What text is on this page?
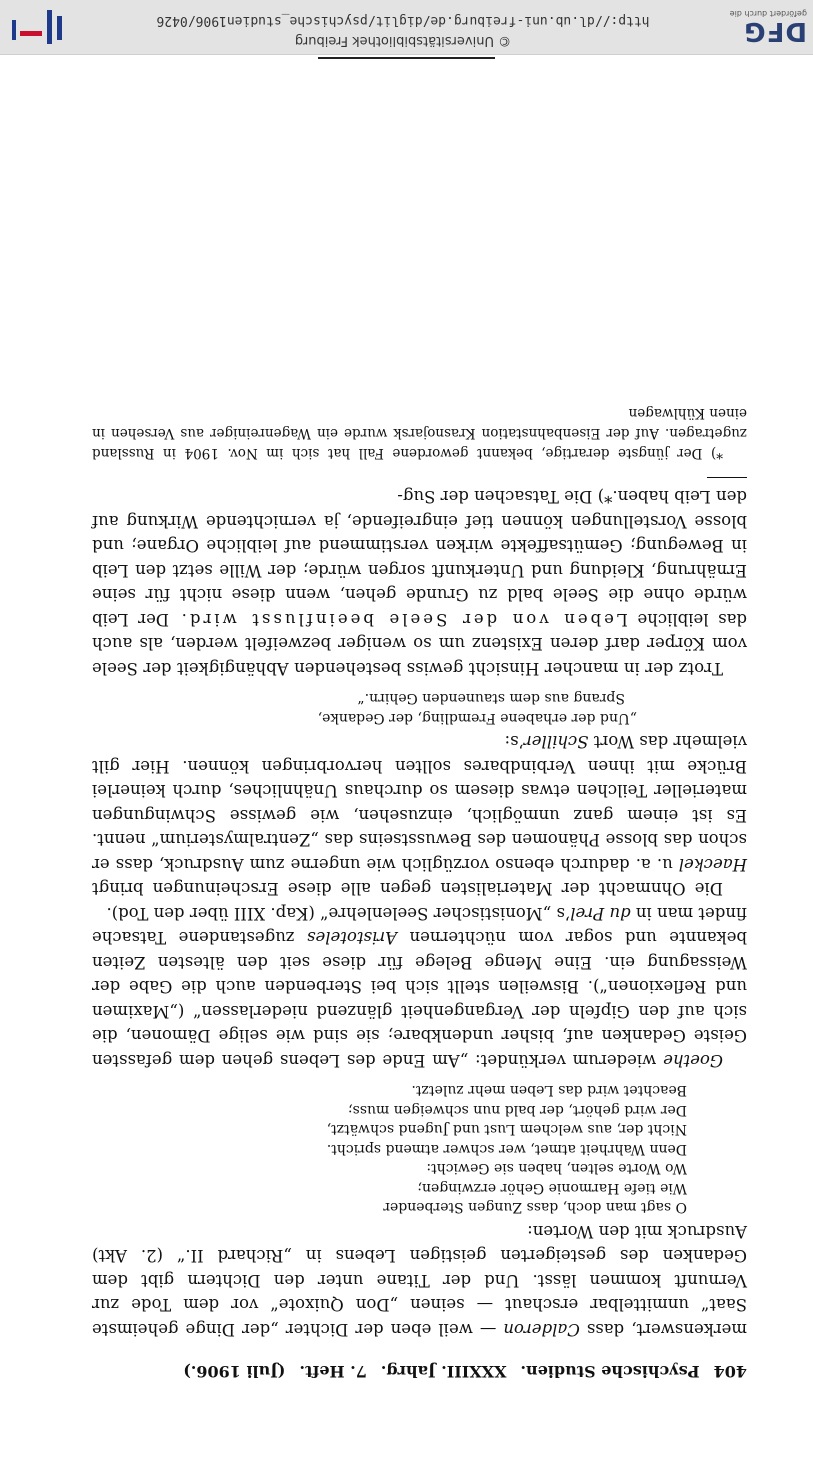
404
Psychische Studien.
XXXIII. Jahrg.
7. Heft.
(Juli 1906.)

merkenswert, dass Calderon — weil eben der Dichter „der Dinge geheimste Saat“ unmittelbar erschaut — seinen „Don Quixote“ vor dem Tode zur Vernunft kommen lässt. Und der Titane unter den Dichtern gibt dem Gedanken des gesteigerten geistigen Lebens in „Richard II.“ (2. Akt) Ausdruck mit den Worten:

O sagt man doch, dass Zungen Sterbender
Wie tiefe Harmonie Gehör erzwingen;
Wo Worte selten, haben sie Gewicht:
Denn Wahrheit atmet, wer schwer atmend spricht.
Nicht der, aus welchem Lust und Jugend schwätzt,
Der wird gehört, der bald nun schweigen muss;
Beachtet wird das Leben mehr zuletzt.

Goethe wiederum verkündet: „Am Ende des Lebens gehen dem gefassten Geiste Gedanken auf, bisher undenkbare; sie sind wie selige Dämonen, die sich auf den Gipfeln der Vergangenheit glänzend niederlassen“ („Maximen und Reflexionen“). Bisweilen stellt sich bei Sterbenden auch die Gabe der Weissagung ein. Eine Menge Belege für diese seit den ältesten Zeiten bekannte und sogar vom nüchternen Aristoteles zugestandene Tatsache findet man in du Prel’s „Monistischer Seelenlehre“ (Kap. XIII über den Tod).

Die Ohnmacht der Materialisten gegen alle diese Erscheinungen bringt Haeckel u. a. dadurch ebenso vorzüglich wie ungerne zum Ausdruck, dass er schon das blosse Phänomen des Bewusstseins das „Zentralmysterium“ nennt. Es ist einem ganz unmöglich, einzusehen, wie gewisse Schwingungen materieller Teilchen etwas diesem so durchaus Unähnliches, durch keinerlei Brücke mit ihnen Verbindbares sollten hervorbringen können. Hier gilt vielmehr das Wort Schiller’s:

„Und der erhabene Fremdling, der Gedanke,
Sprang aus dem staunenden Gehirn.“

Trotz der in mancher Hinsicht gewiss bestehenden Abhängigkeit der Seele vom Körper darf deren Existenz um so weniger bezweifelt werden, als auch das leibliche Leben von der Seele beeinflusst wird. Der Leib würde ohne die Seele bald zu Grunde gehen, wenn diese nicht für seine Ernährung, Kleidung und Unterkunft sorgen würde; der Wille setzt den Leib in Bewegung; Gemütsaffekte wirken verstimmend auf leibliche Organe; und blosse Vorstellungen können tief eingreifende, ja vernichtende Wirkung auf den Leib haben.*) Die Tatsachen der Sug-

*) Der jüngste derartige, bekannt gewordene Fall hat sich im Nov. 1904 in Russland zugetragen. Auf der Eisenbahnstation Krasnojarsk wurde ein Wagenreiniger aus Versehen in einen Kühlwagen

DFG
gefördert durch die
© Universitätsbibliothek Freiburg
http://dl.ub.uni-freiburg.de/diglit/psychische_studien1906/0426
